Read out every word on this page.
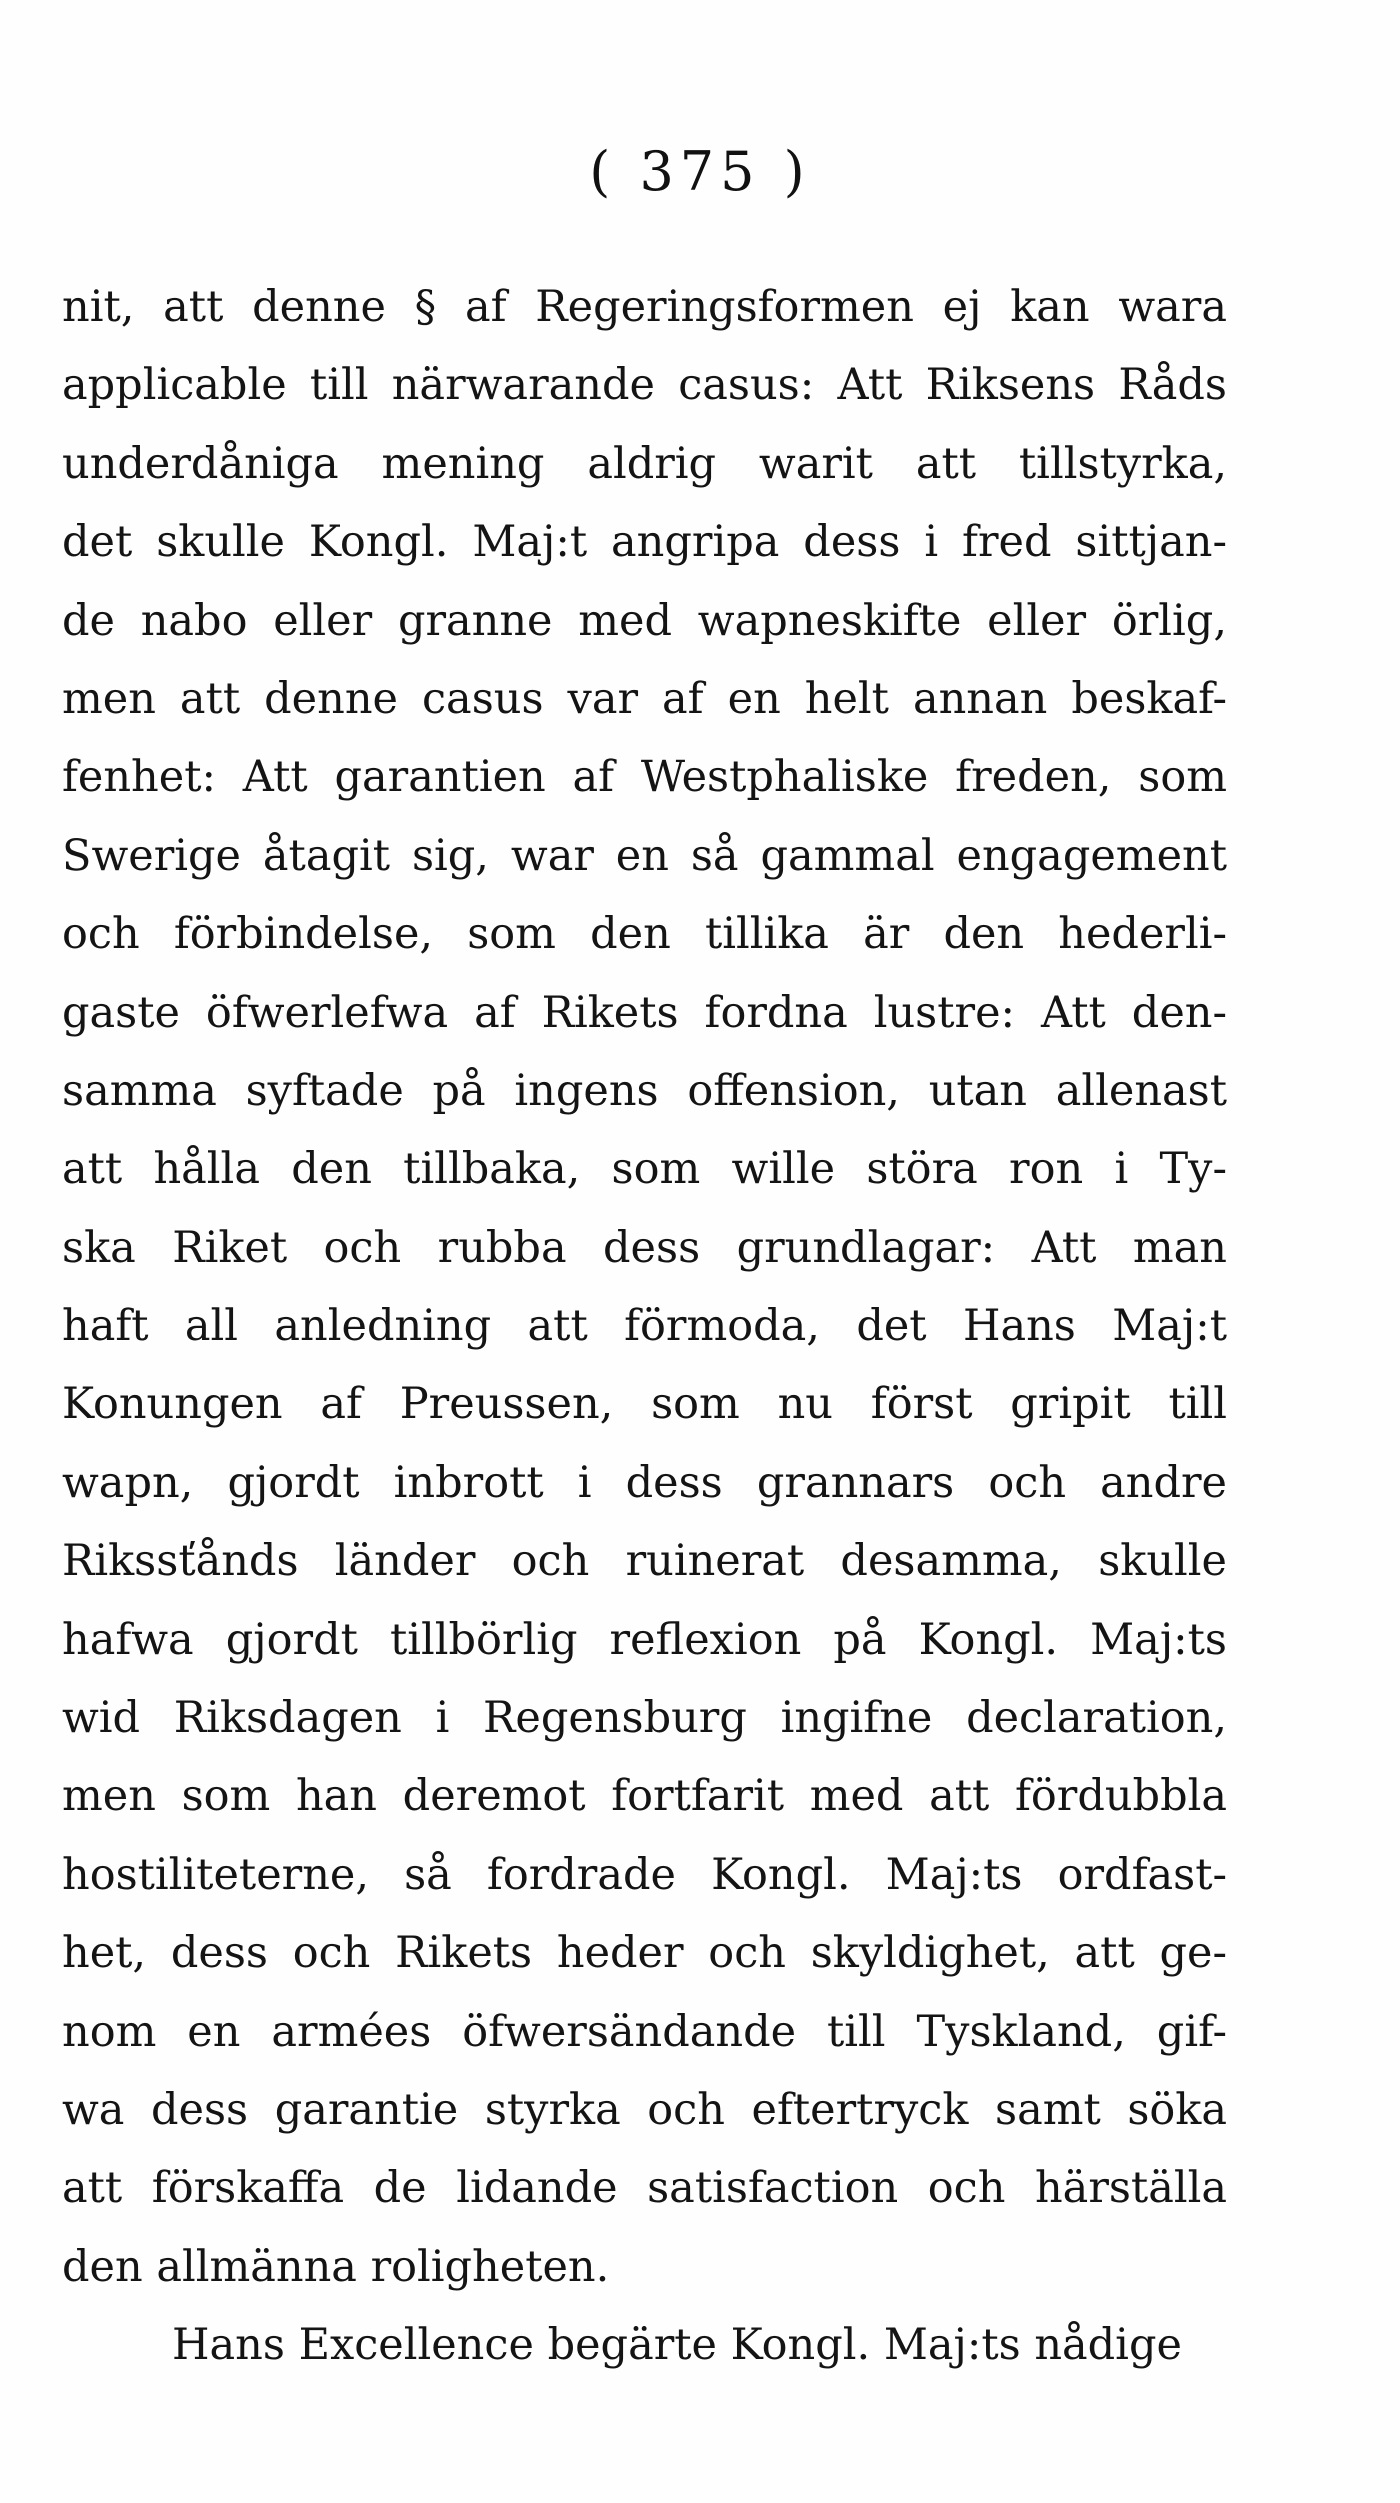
( 375 )
nit, att denne § af Regeringsformen ej kan wara
applicable till närwarande casus: Att Riksens Råds
underdåniga mening aldrig warit att tillstyrka,
det skulle Kongl. Maj:t angripa dess i fred sittjan-
de nabo eller granne med wapneskifte eller örlig,
men att denne casus var af en helt annan beskaf-
fenhet: Att garantien af Westphaliske freden, som
Swerige åtagit sig, war en så gammal engagement
och förbindelse, som den tillika är den hederli-
gaste öfwerlefwa af Rikets fordna lustre: Att den-
samma syftade på ingens offension, utan allenast
att hålla den tillbaka, som wille störa ron i Ty-
ska Riket och rubba dess grundlagar: Att man
haft all anledning att förmoda, det Hans Maj:t
Konungen af Preussen, som nu först gripit till
wapn, gjordt inbrott i dess grannars och andre
Rikssťånds länder och ruinerat desamma, skulle
hafwa gjordt tillbörlig reflexion på Kongl. Maj:ts
wid Riksdagen i Regensburg ingifne declaration,
men som han deremot fortfarit med att fördubbla
hostiliteterne, så fordrade Kongl. Maj:ts ordfast-
het, dess och Rikets heder och skyldighet, att ge-
nom en armées öfwersändande till Tyskland, gif-
wa dess garantie styrka och eftertryck samt söka
att förskaffa de lidande satisfaction och härställa
den allmänna roligheten.
Hans Excellence begärte Kongl. Maj:ts nådige
